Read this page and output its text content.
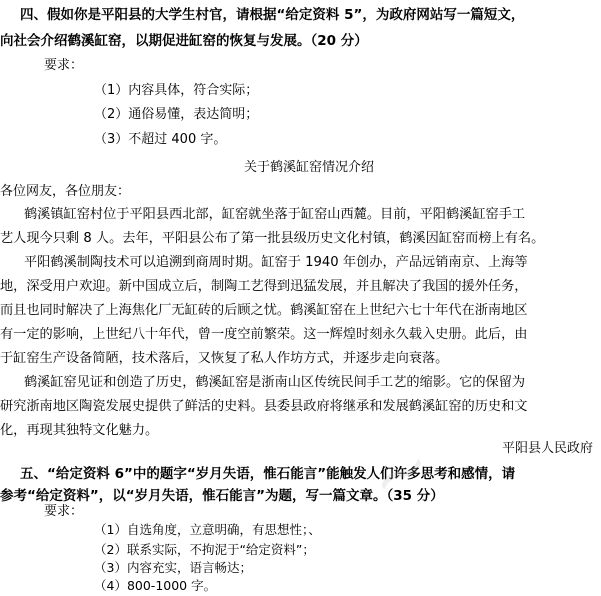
四、假如你是平阳县的大学生村官，请根据“给定资料 5”，为政府网站写一篇短文，
向社会介绍鹤溪缸窑，以期促进缸窑的恢复与发展。（20 分）
要求：
（1）内容具体，符合实际；
（2）通俗易懂，表达简明；
（3）不超过 400 字。
关于鹤溪缸窑情况介绍
各位网友，各位朋友：
鹤溪镇缸窑村位于平阳县西北部，缸窑就坐落于缸窑山西麓。目前，平阳鹤溪缸窑手工
艺人现今只剩 8 人。去年，平阳县公布了第一批县级历史文化村镇，鹤溪因缸窑而榜上有名。
平阳鹤溪制陶技术可以追溯到商周时期。缸窑于 1940 年创办，产品远销南京、上海等
地，深受用户欢迎。新中国成立后，制陶工艺得到迅猛发展，并且解决了我国的援外任务，
而且也同时解决了上海焦化厂无缸砖的后顾之忧。鹤溪缸窑在上世纪六七十年代在浙南地区
有一定的影响，上世纪八十年代，曾一度空前繁荣。这一辉煌时刻永久载入史册。此后，由
于缸窑生产设备简陋，技术落后，又恢复了私人作坊方式，并逐步走向衰落。
鹤溪缸窑见证和创造了历史，鹤溪缸窑是浙南山区传统民间手工艺的缩影。它的保留为
研究浙南地区陶瓷发展史提供了鲜活的史料。县委县政府将继承和发展鹤溪缸窑的历史和文
化，再现其独特文化魅力。
平阳县人民政府
五、“给定资料 6”中的题字“岁月失语，惟石能言”能触发人们许多思考和感情，请
参考“给定资料”，以“岁月失语，惟石能言”为题，写一篇文章。（35 分）
要求：
（1）自选角度，立意明确，有思想性；、
~
（2）联系实际，不拘泥于“给定资料”；
（3）内容充实，语言畅达；
（4）800-1000 字。
